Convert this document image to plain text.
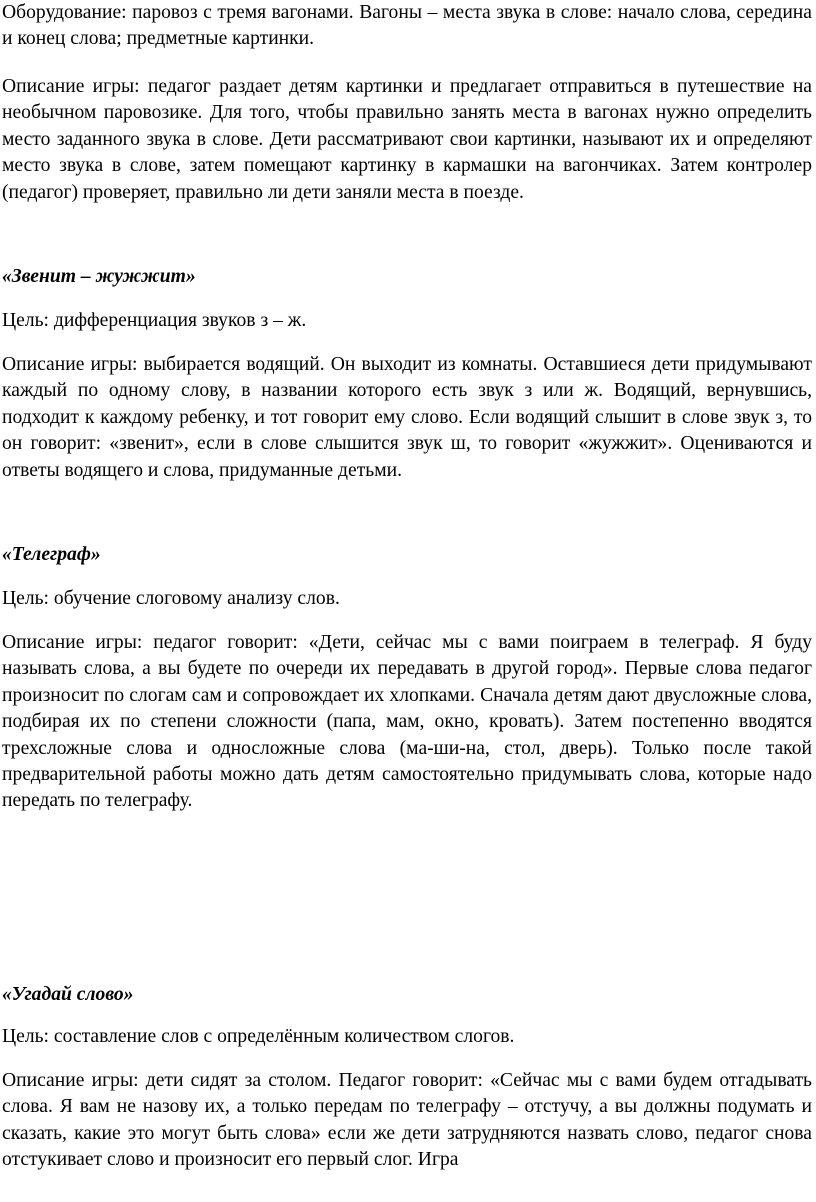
Оборудование: паровоз с тремя вагонами. Вагоны – места звука в слове: начало слова, середина и конец слова; предметные картинки.

Описание игры: педагог раздает детям картинки и предлагает отправиться в путешествие на необычном паровозике. Для того, чтобы правильно занять места в вагонах нужно определить место заданного звука в слове. Дети рассматривают свои картинки, называют их и определяют место звука в слове, затем помещают картинку в кармашки на вагончиках. Затем контролер (педагог) проверяет, правильно ли дети заняли места в поезде.

«Звенит – жужжит»

Цель: дифференциация звуков з – ж.

Описание игры: выбирается водящий. Он выходит из комнаты. Оставшиеся дети придумывают каждый по одному слову, в названии которого есть звук з или ж. Водящий, вернувшись, подходит к каждому ребенку, и тот говорит ему слово. Если водящий слышит в слове звук з, то он говорит: «звенит», если в слове слышится звук ш, то говорит «жужжит». Оцениваются и ответы водящего и слова, придуманные детьми.

«Телеграф»

Цель: обучение слоговому анализу слов.

Описание игры: педагог говорит: «Дети, сейчас мы с вами поиграем в телеграф. Я буду называть слова, а вы будете по очереди их передавать в другой город». Первые слова педагог произносит по слогам сам и сопровождает их хлопками. Сначала детям дают двусложные слова, подбирая их по степени сложности (папа, мам, окно, кровать). Затем постепенно вводятся трехсложные слова и односложные слова (ма-ши-на, стол, дверь). Только после такой предварительной работы можно дать детям самостоятельно придумывать слова, которые надо передать по телеграфу.

«Угадай слово»

Цель: составление слов с определённым количеством слогов.

Описание игры: дети сидят за столом. Педагог говорит: «Сейчас мы с вами будем отгадывать слова. Я вам не назову их, а только передам по телеграфу – отстучу, а вы должны подумать и сказать, какие это могут быть слова» если же дети затрудняются назвать слово, педагог снова отстукивает слово и произносит его первый слог. Игра
